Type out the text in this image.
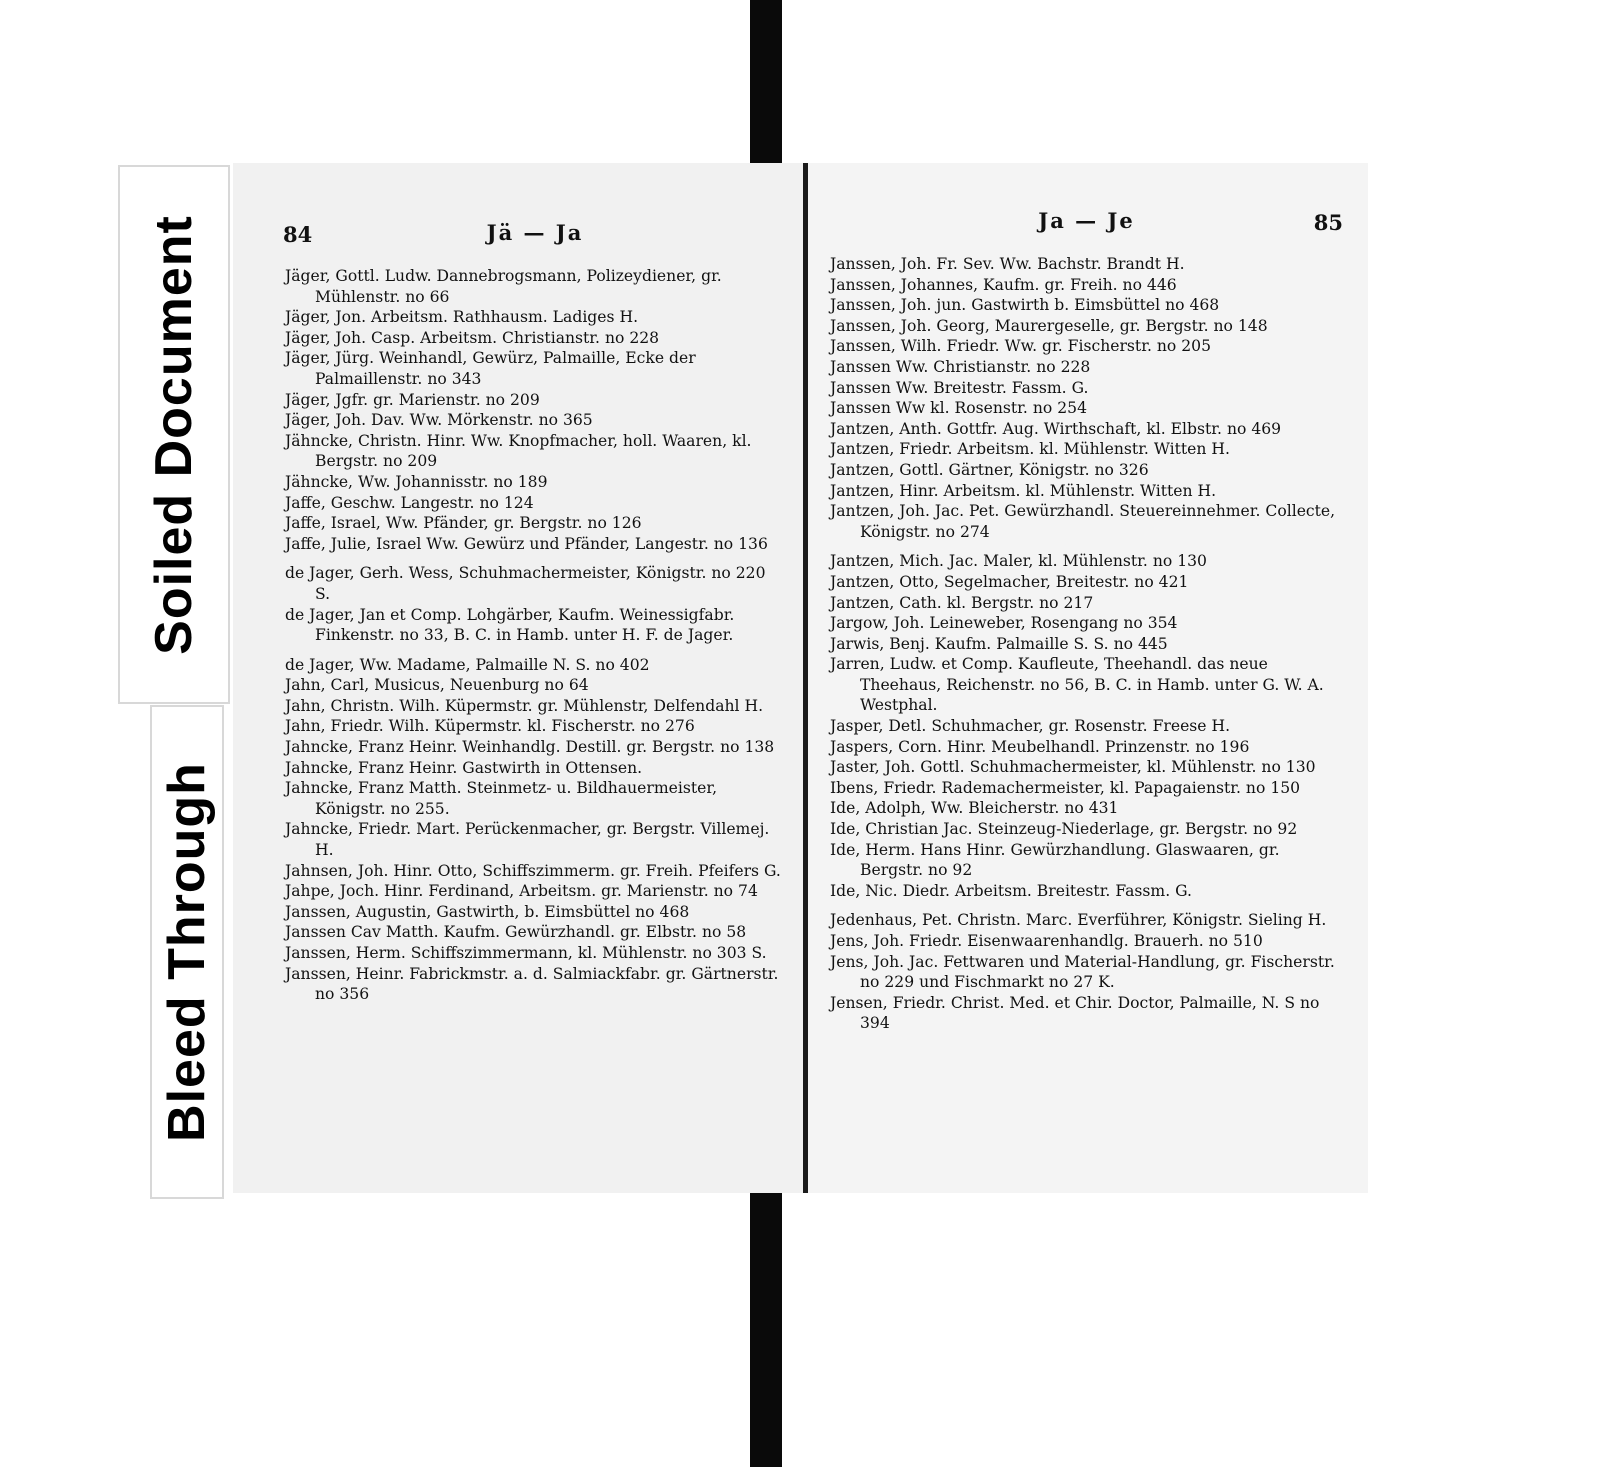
Soiled Document
Bleed Through
84	Jä — Ja

Jäger, Gottl. Ludw. Dannebrogsmann, Polizeydiener, gr. Mühlenstr. no 66

Jäger, Jon. Arbeitsm. Rathhausm. Ladiges H.

Jäger, Joh. Casp. Arbeitsm. Christianstr. no 228

Jäger, Jürg. Weinhandl, Gewürz, Palmaille, Ecke der Palmaillenstr. no 343

Jäger, Jgfr. gr. Marienstr. no 209

Jäger, Joh. Dav. Ww. Mörkenstr. no 365

Jähncke, Christn. Hinr. Ww. Knopfmacher, holl. Waaren, kl. Bergstr. no 209

Jähncke, Ww. Johannisstr. no 189

Jaffe, Geschw. Langestr. no 124

Jaffe, Israel, Ww. Pfänder, gr. Bergstr. no 126

Jaffe, Julie, Israel Ww. Gewürz und Pfänder, Langestr. no 136

de Jager, Gerh. Wess, Schuhmachermeister, Königstr. no 220 S.

de Jager, Jan et Comp. Lohgärber, Kaufm. Weinessigfabr. Finkenstr. no 33, B. C. in Hamb. unter H. F. de Jager.

de Jager, Ww. Madame, Palmaille N. S. no 402

Jahn, Carl, Musicus, Neuenburg no 64

Jahn, Christn. Wilh. Küpermstr. gr. Mühlenstr, Delfendahl H.

Jahn, Friedr. Wilh. Küpermstr. kl. Fischerstr. no 276

Jahncke, Franz Heinr. Weinhandlg. Destill. gr. Bergstr. no 138

Jahncke, Franz Heinr. Gastwirth in Ottensen.

Jahncke, Franz Matth. Steinmetz- u. Bildhauermeister, Königstr. no 255.

Jahncke, Friedr. Mart. Perückenmacher, gr. Bergstr. Villemej. H.

Jahnsen, Joh. Hinr. Otto, Schiffszimmerm. gr. Freih. Pfeifers G.

Jahpe, Joch. Hinr. Ferdinand, Arbeitsm. gr. Marienstr. no 74

Janssen, Augustin, Gastwirth, b. Eimsbüttel no 468

Janssen Cav Matth. Kaufm. Gewürzhandl. gr. Elbstr. no 58

Janssen, Herm. Schiffszimmermann, kl. Mühlenstr. no 303 S.

Janssen, Heinr. Fabrickmstr. a. d. Salmiackfabr. gr. Gärtnerstr. no 356

Ja — Je	85

Janssen, Joh. Fr. Sev. Ww. Bachstr. Brandt H.

Janssen, Johannes, Kaufm. gr. Freih. no 446

Janssen, Joh. jun. Gastwirth b. Eimsbüttel no 468

Janssen, Joh. Georg, Maurergeselle, gr. Bergstr. no 148

Janssen, Wilh. Friedr. Ww. gr. Fischerstr. no 205

Janssen Ww. Christianstr. no 228

Janssen Ww. Breitestr. Fassm. G.

Janssen Ww kl. Rosenstr. no 254

Jantzen, Anth. Gottfr. Aug. Wirthschaft, kl. Elbstr. no 469

Jantzen, Friedr. Arbeitsm. kl. Mühlenstr. Witten H.

Jantzen, Gottl. Gärtner, Königstr. no 326

Jantzen, Hinr. Arbeitsm. kl. Mühlenstr. Witten H.

Jantzen, Joh. Jac. Pet. Gewürzhandl. Steuereinnehmer. Collecte, Königstr. no 274

Jantzen, Mich. Jac. Maler, kl. Mühlenstr. no 130

Jantzen, Otto, Segelmacher, Breitestr. no 421

Jantzen, Cath. kl. Bergstr. no 217

Jargow, Joh. Leineweber, Rosengang no 354

Jarwis, Benj. Kaufm. Palmaille S. S. no 445

Jarren, Ludw. et Comp. Kaufleute, Theehandl. das neue Theehaus, Reichenstr. no 56, B. C. in Hamb. unter G. W. A. Westphal.

Jasper, Detl. Schuhmacher, gr. Rosenstr. Freese H.

Jaspers, Corn. Hinr. Meubelhandl. Prinzenstr. no 196

Jaster, Joh. Gottl. Schuhmachermeister, kl. Mühlenstr. no 130

Ibens, Friedr. Rademachermeister, kl. Papagaienstr. no 150

Ide, Adolph, Ww. Bleicherstr. no 431

Ide, Christian Jac. Steinzeug-Niederlage, gr. Bergstr. no 92

Ide, Herm. Hans Hinr. Gewürzhandlung. Glaswaaren, gr. Bergstr. no 92

Ide, Nic. Diedr. Arbeitsm. Breitestr. Fassm. G.

Jedenhaus, Pet. Christn. Marc. Everführer, Königstr. Sieling H.

Jens, Joh. Friedr. Eisenwaarenhandlg. Brauerh. no 510

Jens, Joh. Jac. Fettwaren und Material-Handlung, gr. Fischerstr. no 229 und Fischmarkt no 27 K.

Jensen, Friedr. Christ. Med. et Chir. Doctor, Palmaille, N. S no 394
